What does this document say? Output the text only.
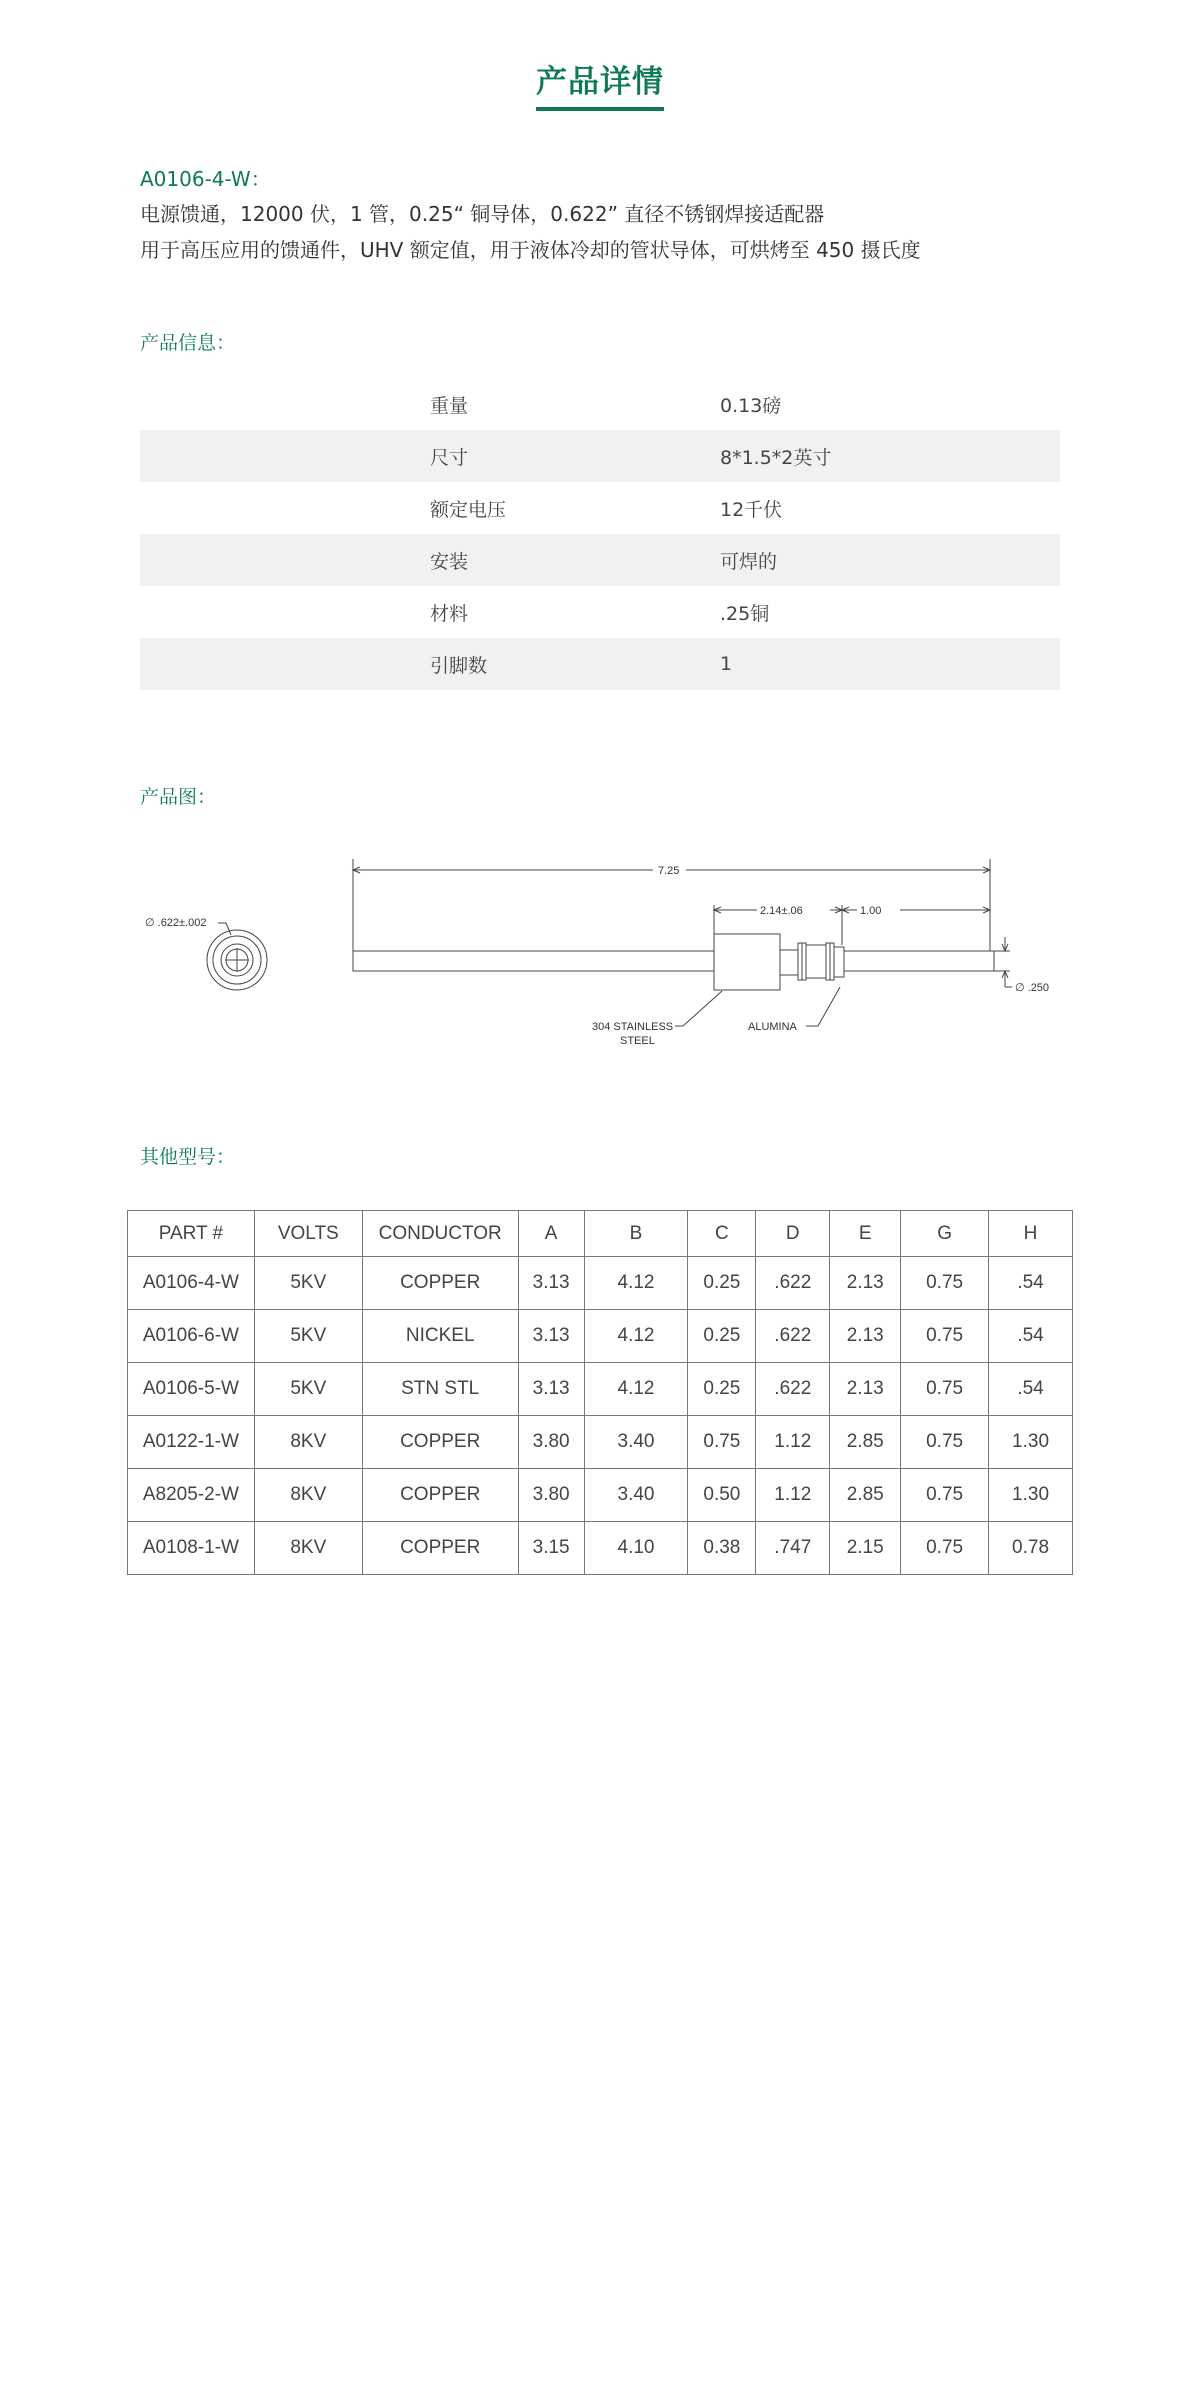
产品详情
A0106-4-W：
电源馈通，12000 伏，1 管，0.25“ 铜导体，0.622” 直径不锈钢焊接适配器
用于高压应用的馈通件，UHV 额定值，用于液体冷却的管状导体，可烘烤至 450 摄氏度
产品信息：
重量	0.13磅
尺寸	8*1.5*2英寸
额定电压	12千伏
安装	可焊的
材料	.25铜
引脚数	1
产品图：
∅ .622±.002
7.25
2.14±.06	1.00
∅ .250
304 STAINLESS
STEEL
ALUMINA
其他型号：
PART #	VOLTS	CONDUCTOR	A	B	C	D	E	G	H
A0106-4-W	5KV	COPPER	3.13	4.12	0.25	.622	2.13	0.75	.54
A0106-6-W	5KV	NICKEL	3.13	4.12	0.25	.622	2.13	0.75	.54
A0106-5-W	5KV	STN STL	3.13	4.12	0.25	.622	2.13	0.75	.54
A0122-1-W	8KV	COPPER	3.80	3.40	0.75	1.12	2.85	0.75	1.30
A8205-2-W	8KV	COPPER	3.80	3.40	0.50	1.12	2.85	0.75	1.30
A0108-1-W	8KV	COPPER	3.15	4.10	0.38	.747	2.15	0.75	0.78
